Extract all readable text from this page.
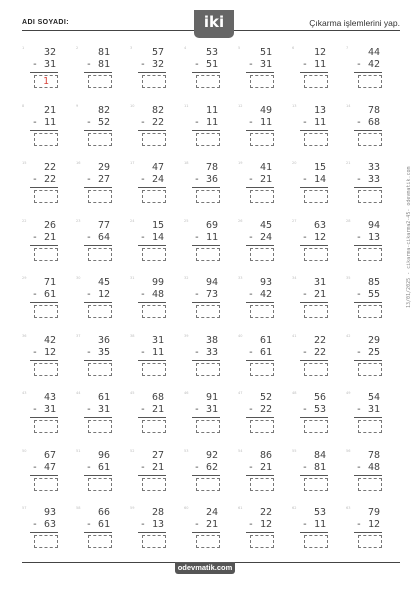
ADI SOYADI:	iki	Çıkarma işlemlerini yap.
1 32
- 31
1
2 81
- 81
3 57
- 32
4 53
- 51
5 51
- 31
6 12
- 11
7 44
- 42
8 21
- 11
9 82
- 52
10 82
- 22
11 11
- 11
12 49
- 11
13 13
- 11
14 78
- 68
15 22
- 22
16 29
- 27
17 47
- 24
18 78
- 36
19 41
- 21
20 15
- 14
21 33
- 33
22 26
- 21
23 77
- 64
24 15
- 14
25 69
- 11
26 45
- 24
27 63
- 12
28 94
- 13
29 71
- 61
30 45
- 12
31 99
- 48
32 94
- 73
33 93
- 42
34 31
- 21
35 85
- 55
36 42
- 12
37 36
- 35
38 31
- 11
39 38
- 33
40 61
- 61
41 22
- 22
42 29
- 25
43 43
- 31
44 61
- 31
45 68
- 21
46 91
- 31
47 52
- 22
48 56
- 53
49 54
- 31
50 67
- 47
51 96
- 61
52 27
- 21
53 92
- 62
54 86
- 21
55 84
- 81
56 78
- 48
57 93
- 63
58 66
- 61
59 28
- 13
60 24
- 21
61 22
- 12
62 53
- 11
63 79
- 12
13/01/2025 - cikarma-cikarma2-45- odevmatik.com
odevmatik.com
